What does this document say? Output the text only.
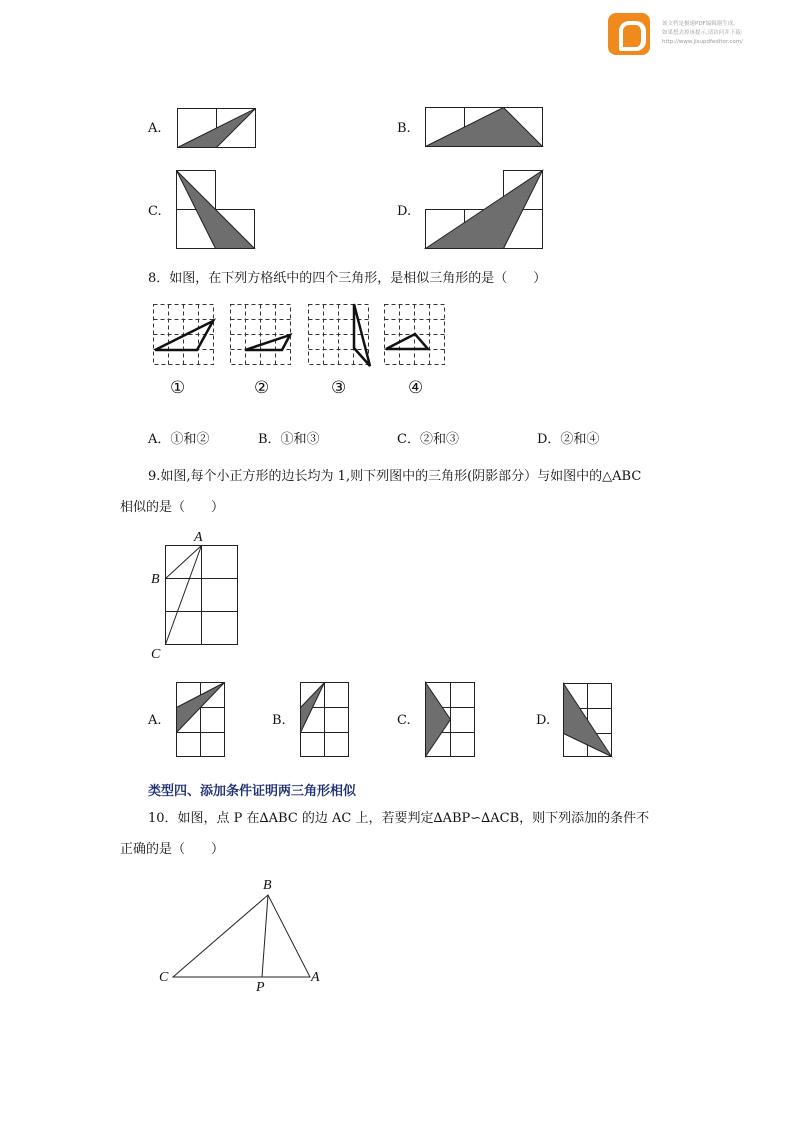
该文档是极速PDF编辑器生成,
如果想去掉该提示,请访问并下载:
http://www.jisupdfeditor.com/
A.	B.
C.	D.
8．如图，在下列方格纸中的四个三角形，是相似三角形的是（　　）
①	②	③	④
A．①和②	B．①和③	C．②和③	D．②和④
9.如图,每个小正方形的边长均为 1,则下列图中的三角形(阴影部分）与如图中的△ABC
相似的是（　　）
A
B
C
A.	B.	C.	D.
类型四、添加条件证明两三角形相似
10．如图，点 P 在∆ABC 的边 AC 上，若要判定∆ABP∽∆ACB，则下列添加的条件不
正确的是（　　）
B
C
P
A
